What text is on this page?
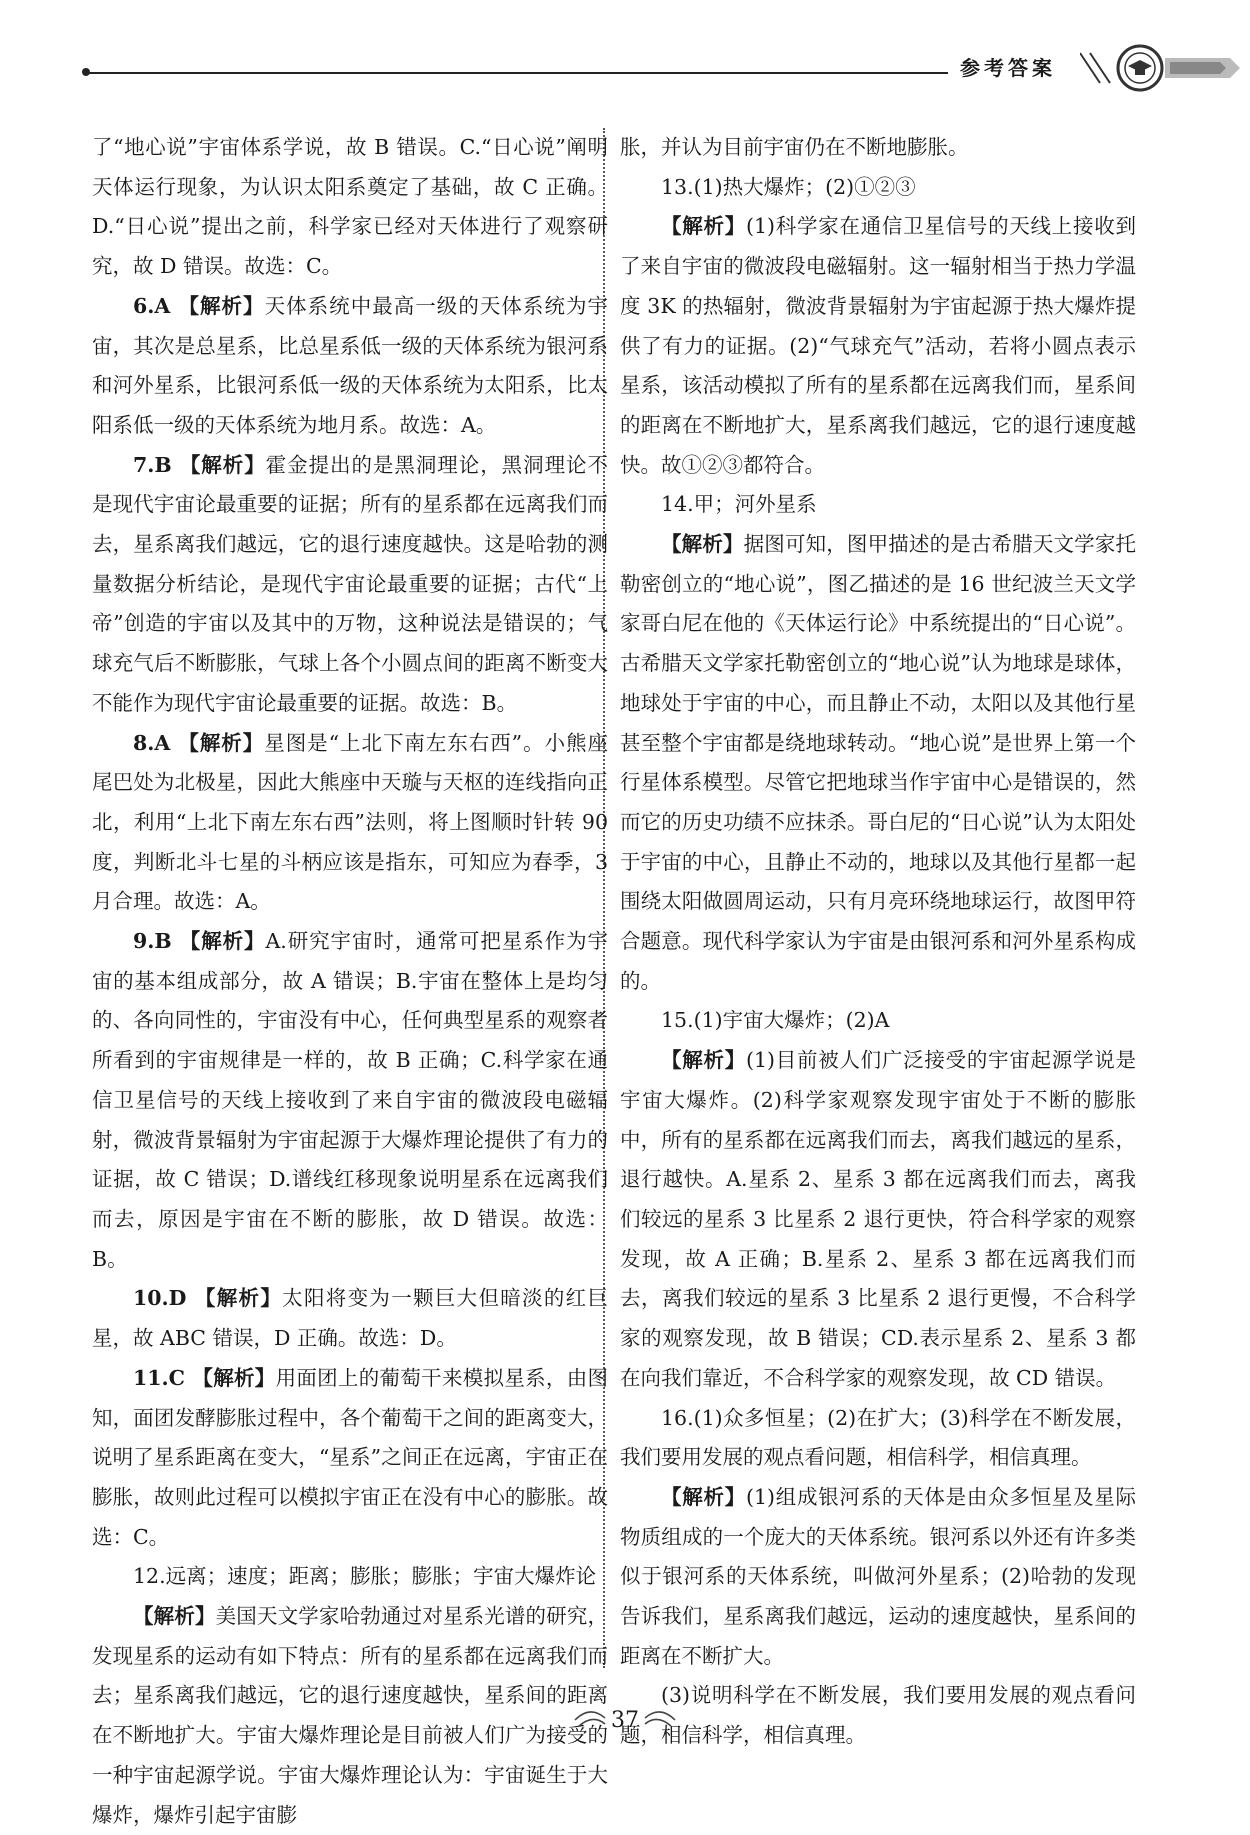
参考答案

了“地心说”宇宙体系学说，故 B 错误。C.“日心说”阐明天体运行现象，为认识太阳系奠定了基础，故 C 正确。D.“日心说”提出之前，科学家已经对天体进行了观察研究，故 D 错误。故选：C。

6.A 【解析】天体系统中最高一级的天体系统为宇宙，其次是总星系，比总星系低一级的天体系统为银河系和河外星系，比银河系低一级的天体系统为太阳系，比太阳系低一级的天体系统为地月系。故选：A。

7.B 【解析】霍金提出的是黑洞理论，黑洞理论不是现代宇宙论最重要的证据；所有的星系都在远离我们而去，星系离我们越远，它的退行速度越快。这是哈勃的测量数据分析结论，是现代宇宙论最重要的证据；古代“上帝”创造的宇宙以及其中的万物，这种说法是错误的；气球充气后不断膨胀，气球上各个小圆点间的距离不断变大不能作为现代宇宙论最重要的证据。故选：B。

8.A 【解析】星图是“上北下南左东右西”。小熊座尾巴处为北极星，因此大熊座中天璇与天枢的连线指向正北，利用“上北下南左东右西”法则，将上图顺时针转 90 度，判断北斗七星的斗柄应该是指东，可知应为春季，3 月合理。故选：A。

9.B 【解析】A.研究宇宙时，通常可把星系作为宇宙的基本组成部分，故 A 错误；B.宇宙在整体上是均匀的、各向同性的，宇宙没有中心，任何典型星系的观察者所看到的宇宙规律是一样的，故 B 正确；C.科学家在通信卫星信号的天线上接收到了来自宇宙的微波段电磁辐射，微波背景辐射为宇宙起源于大爆炸理论提供了有力的证据，故 C 错误；D.谱线红移现象说明星系在远离我们而去，原因是宇宙在不断的膨胀，故 D 错误。故选：B。

10.D 【解析】太阳将变为一颗巨大但暗淡的红巨星，故 ABC 错误，D 正确。故选：D。

11.C 【解析】用面团上的葡萄干来模拟星系，由图知，面团发酵膨胀过程中，各个葡萄干之间的距离变大，说明了星系距离在变大，“星系”之间正在远离，宇宙正在膨胀，故则此过程可以模拟宇宙正在没有中心的膨胀。故选：C。

12.远离；速度；距离；膨胀；膨胀；宇宙大爆炸论

【解析】美国天文学家哈勃通过对星系光谱的研究，发现星系的运动有如下特点：所有的星系都在远离我们而去；星系离我们越远，它的退行速度越快，星系间的距离在不断地扩大。宇宙大爆炸理论是目前被人们广为接受的一种宇宙起源学说。宇宙大爆炸理论认为：宇宙诞生于大爆炸，爆炸引起宇宙膨

胀，并认为目前宇宙仍在不断地膨胀。

13.(1)热大爆炸；(2)①②③

【解析】(1)科学家在通信卫星信号的天线上接收到了来自宇宙的微波段电磁辐射。这一辐射相当于热力学温度 3K 的热辐射，微波背景辐射为宇宙起源于热大爆炸提供了有力的证据。(2)“气球充气”活动，若将小圆点表示星系，该活动模拟了所有的星系都在远离我们而，星系间的距离在不断地扩大，星系离我们越远，它的退行速度越快。故①②③都符合。

14.甲；河外星系

【解析】据图可知，图甲描述的是古希腊天文学家托勒密创立的“地心说”，图乙描述的是 16 世纪波兰天文学家哥白尼在他的《天体运行论》中系统提出的“日心说”。古希腊天文学家托勒密创立的“地心说”认为地球是球体，地球处于宇宙的中心，而且静止不动，太阳以及其他行星甚至整个宇宙都是绕地球转动。“地心说”是世界上第一个行星体系模型。尽管它把地球当作宇宙中心是错误的，然而它的历史功绩不应抹杀。哥白尼的“日心说”认为太阳处于宇宙的中心，且静止不动的，地球以及其他行星都一起围绕太阳做圆周运动，只有月亮环绕地球运行，故图甲符合题意。现代科学家认为宇宙是由银河系和河外星系构成的。

15.(1)宇宙大爆炸；(2)A

【解析】(1)目前被人们广泛接受的宇宙起源学说是宇宙大爆炸。(2)科学家观察发现宇宙处于不断的膨胀中，所有的星系都在远离我们而去，离我们越远的星系，退行越快。A.星系 2、星系 3 都在远离我们而去，离我们较远的星系 3 比星系 2 退行更快，符合科学家的观察发现，故 A 正确；B.星系 2、星系 3 都在远离我们而去，离我们较远的星系 3 比星系 2 退行更慢，不合科学家的观察发现，故 B 错误；CD.表示星系 2、星系 3 都在向我们靠近，不合科学家的观察发现，故 CD 错误。

16.(1)众多恒星；(2)在扩大；(3)科学在不断发展，我们要用发展的观点看问题，相信科学，相信真理。

【解析】(1)组成银河系的天体是由众多恒星及星际物质组成的一个庞大的天体系统。银河系以外还有许多类似于银河系的天体系统，叫做河外星系；(2)哈勃的发现告诉我们，星系离我们越远，运动的速度越快，星系间的距离在不断扩大。

(3)说明科学在不断发展，我们要用发展的观点看问题，相信科学，相信真理。

37
